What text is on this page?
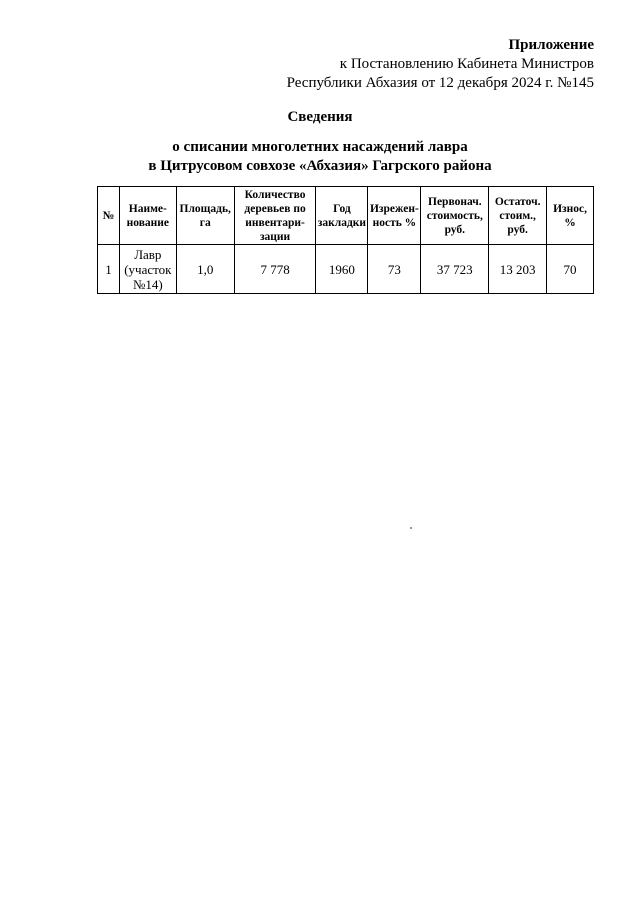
Приложение
к Постановлению Кабинета Министров
Республики Абхазия от 12 декабря 2024 г. №145
Сведения
о списании многолетних насаждений лавра
в Цитрусовом совхозе «Абхазия» Гагрского района
№	Наиме-нование	Площадь, га	Количество деревьев по инвентари-зации	Год закладки	Изрежен-ность %	Первонач. стоимость, руб.	Остаточ. стоим., руб.	Износ, %
1	Лавр (участок №14)	1,0	7 778	1960	73	37 723	13 203	70
